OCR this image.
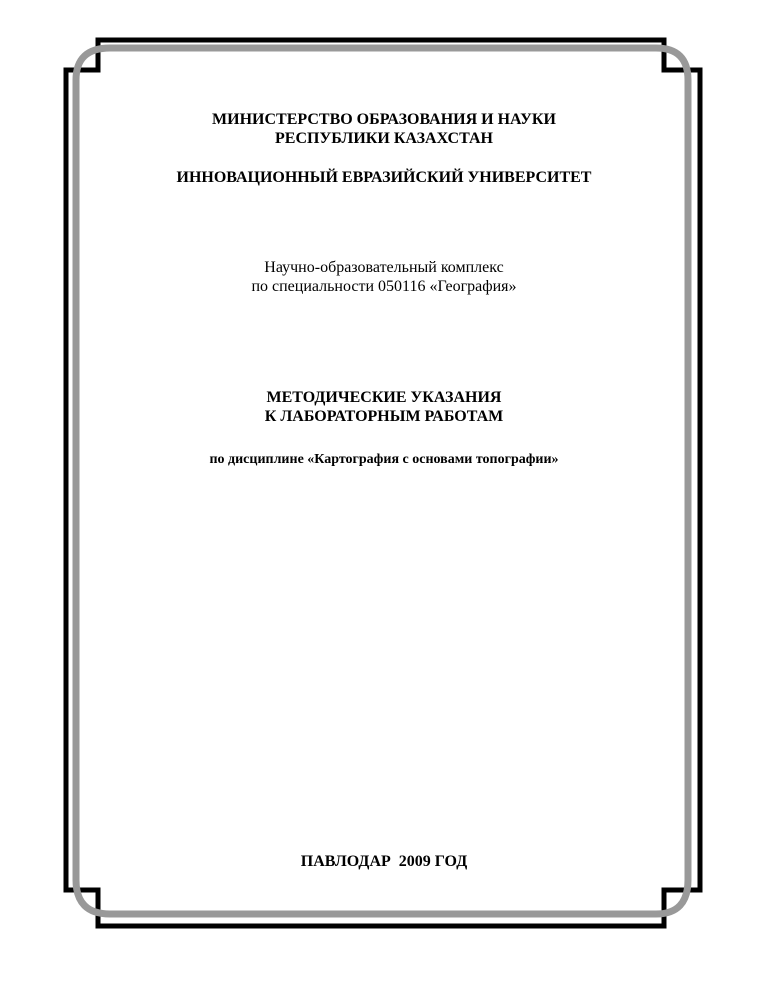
МИНИСТЕРСТВО ОБРАЗОВАНИЯ И НАУКИ
РЕСПУБЛИКИ КАЗАХСТАН
ИННОВАЦИОННЫЙ ЕВРАЗИЙСКИЙ УНИВЕРСИТЕТ
Научно-образовательный комплекс
по специальности 050116 «География»
МЕТОДИЧЕСКИЕ УКАЗАНИЯ
К ЛАБОРАТОРНЫМ РАБОТАМ
по дисциплине «Картография с основами топографии»
ПАВЛОДАР  2009 ГОД
